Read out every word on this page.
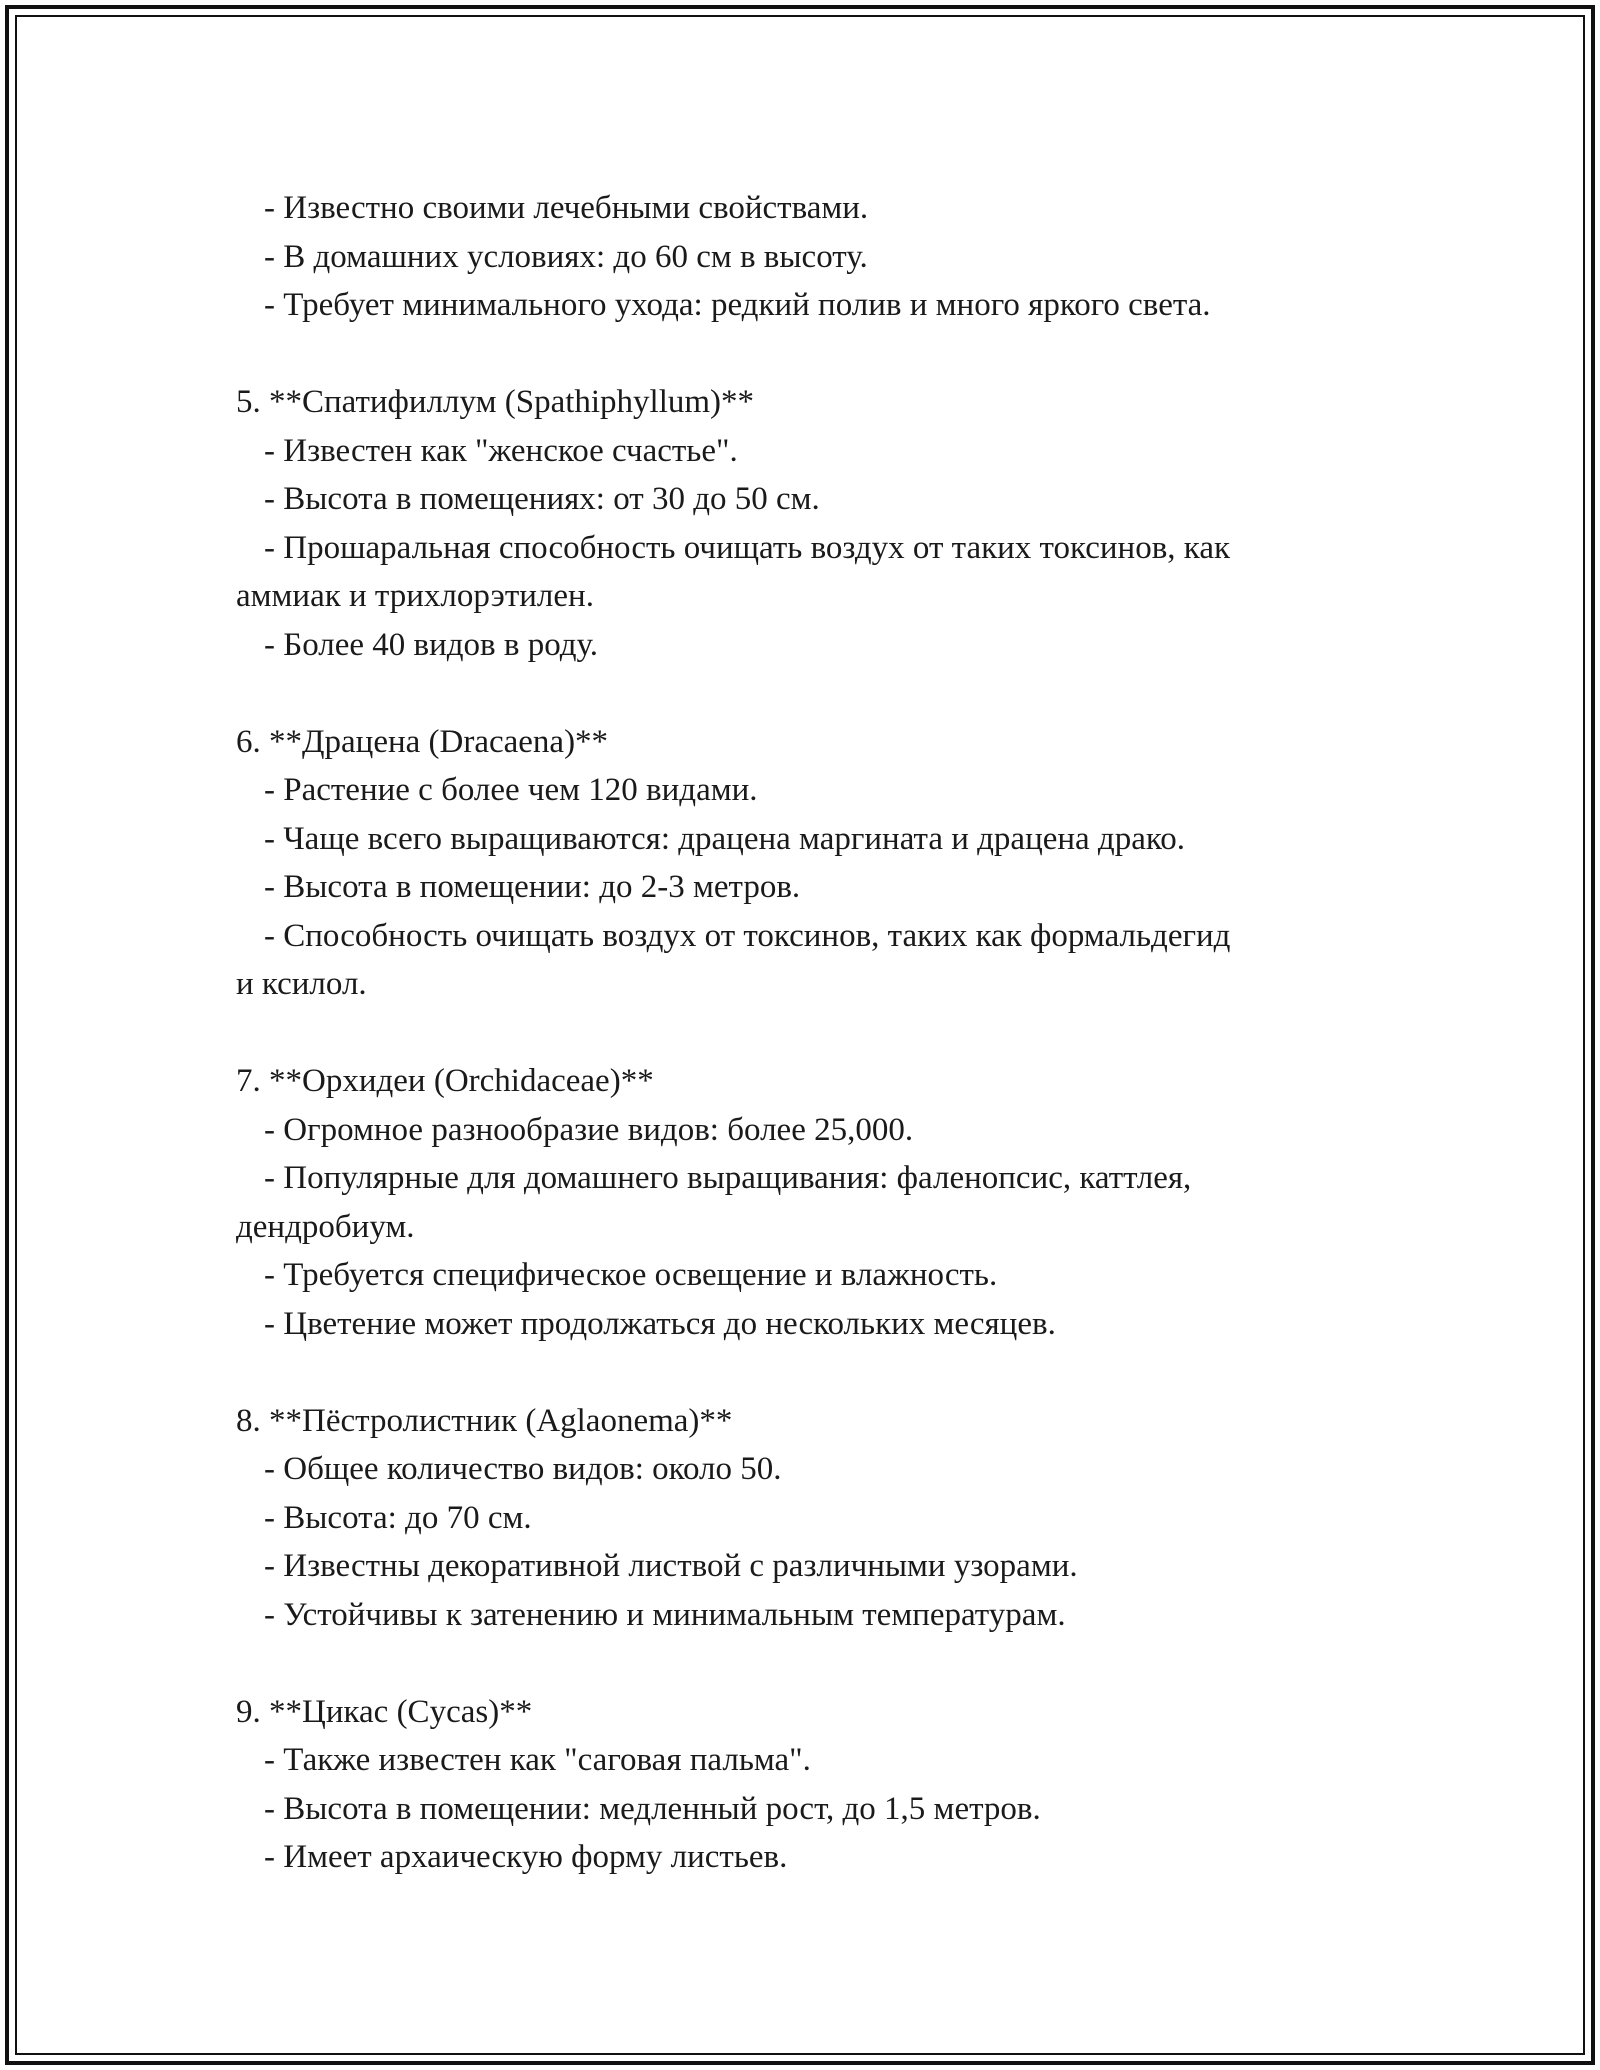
- Известно своими лечебными свойствами.
- В домашних условиях: до 60 см в высоту.
- Требует минимального ухода: редкий полив и много яркого света.
5. **Спатифиллум (Spathiphyllum)**
- Известен как "женское счастье".
- Высота в помещениях: от 30 до 50 см.
- Прошаральная способность очищать воздух от таких токсинов, как
аммиак и трихлорэтилен.
- Более 40 видов в роду.
6. **Драцена (Dracaena)**
- Растение с более чем 120 видами.
- Чаще всего выращиваются: драцена маргината и драцена драко.
- Высота в помещении: до 2-3 метров.
- Способность очищать воздух от токсинов, таких как формальдегид
и ксилол.
7. **Орхидеи (Orchidaceae)**
- Огромное разнообразие видов: более 25,000.
- Популярные для домашнего выращивания: фаленопсис, каттлея,
дендробиум.
- Требуется специфическое освещение и влажность.
- Цветение может продолжаться до нескольких месяцев.
8. **Пёстролистник (Aglaonema)**
- Общее количество видов: около 50.
- Высота: до 70 см.
- Известны декоративной листвой с различными узорами.
- Устойчивы к затенению и минимальным температурам.
9. **Цикас (Cycas)**
- Также известен как "саговая пальма".
- Высота в помещении: медленный рост, до 1,5 метров.
- Имеет архаическую форму листьев.
